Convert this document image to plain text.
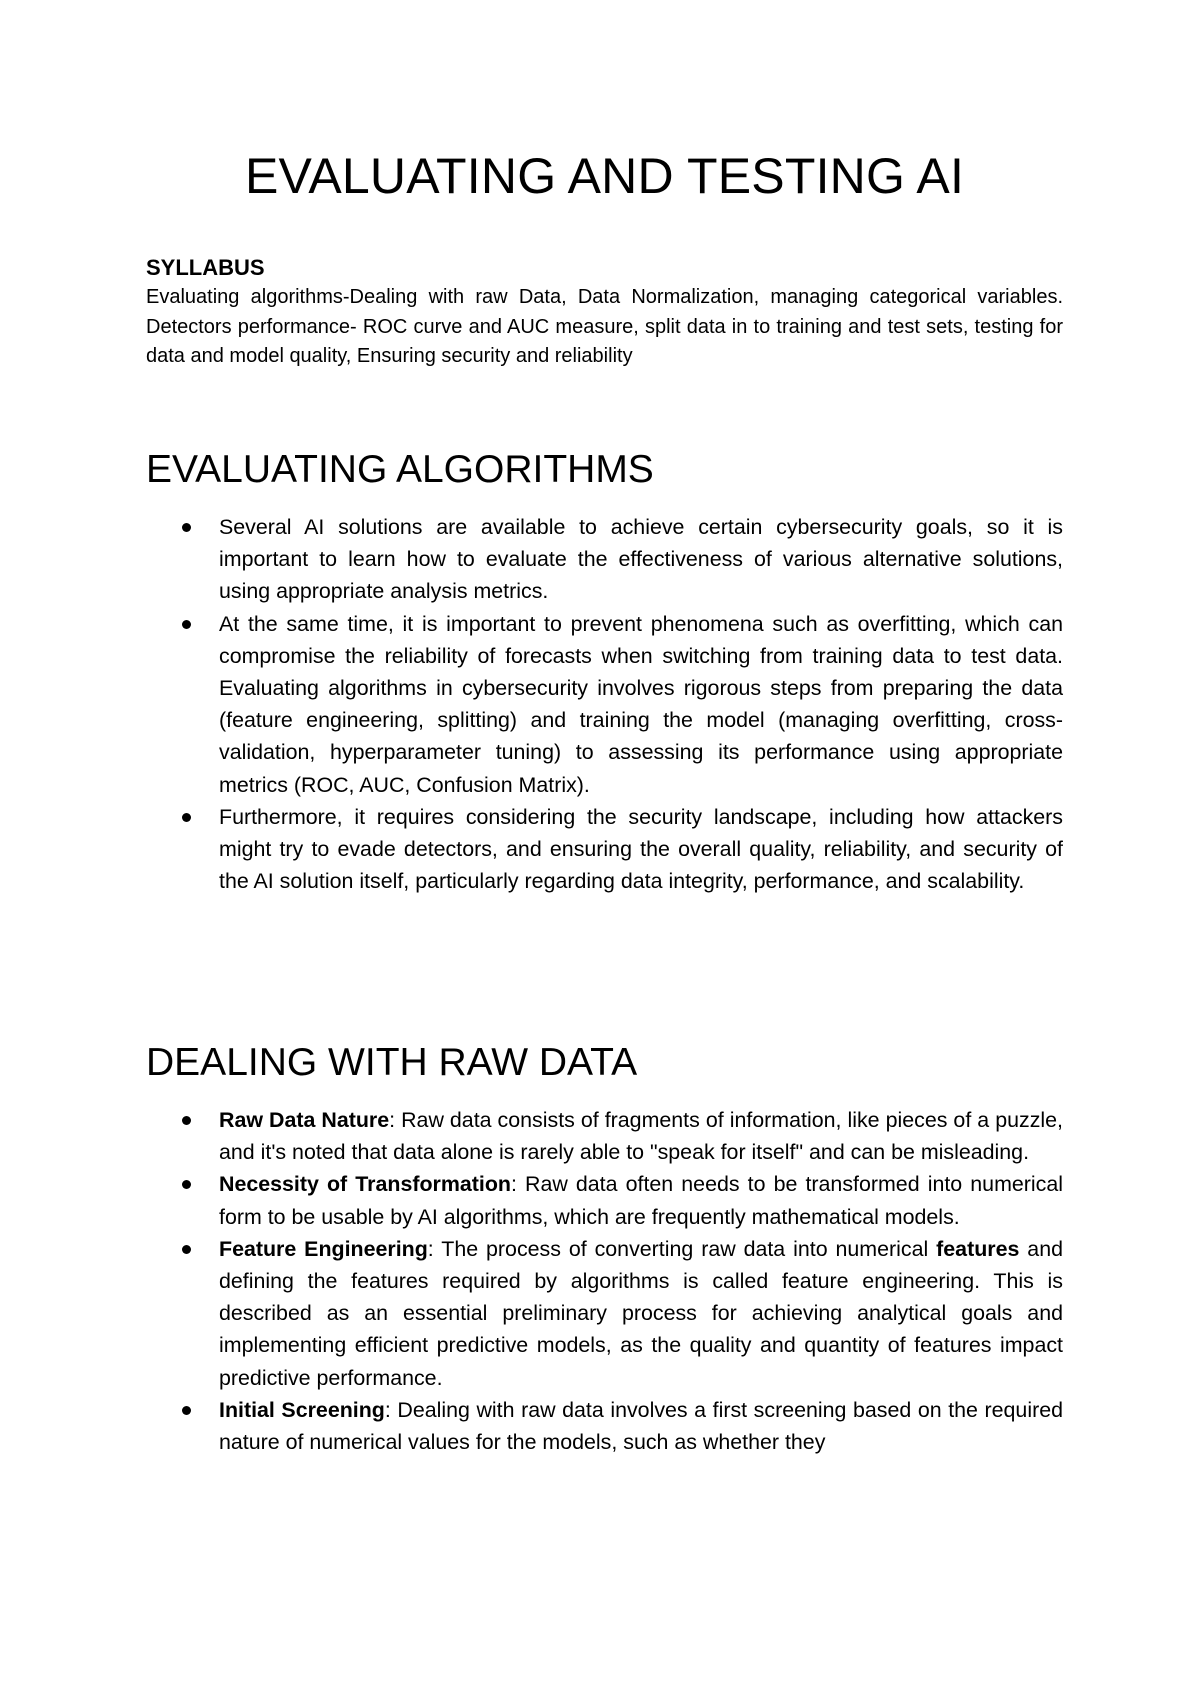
EVALUATING AND TESTING AI

SYLLABUS

Evaluating algorithms-Dealing with raw Data, Data Normalization, managing categorical variables. Detectors performance- ROC curve and AUC measure, split data in to training and test sets, testing for data and model quality, Ensuring security and reliability

EVALUATING ALGORITHMS
Several AI solutions are available to achieve certain cybersecurity goals, so it is important to learn how to evaluate the effectiveness of various alternative solutions, using appropriate analysis metrics.
At the same time, it is important to prevent phenomena such as overfitting, which can compromise the reliability of forecasts when switching from training data to test data. Evaluating algorithms in cybersecurity involves rigorous steps from preparing the data (feature engineering, splitting) and training the model (managing overfitting, cross-validation, hyperparameter tuning) to assessing its performance using appropriate metrics (ROC, AUC, Confusion Matrix).
Furthermore, it requires considering the security landscape, including how attackers might try to evade detectors, and ensuring the overall quality, reliability, and security of the AI solution itself, particularly regarding data integrity, performance, and scalability.
DEALING WITH RAW DATA
Raw Data Nature: Raw data consists of fragments of information, like pieces of a puzzle, and it's noted that data alone is rarely able to "speak for itself" and can be misleading.
Necessity of Transformation: Raw data often needs to be transformed into numerical form to be usable by AI algorithms, which are frequently mathematical models.
Feature Engineering: The process of converting raw data into numerical features and defining the features required by algorithms is called feature engineering. This is described as an essential preliminary process for achieving analytical goals and implementing efficient predictive models, as the quality and quantity of features impact predictive performance.
Initial Screening: Dealing with raw data involves a first screening based on the required nature of numerical values for the models, such as whether they
